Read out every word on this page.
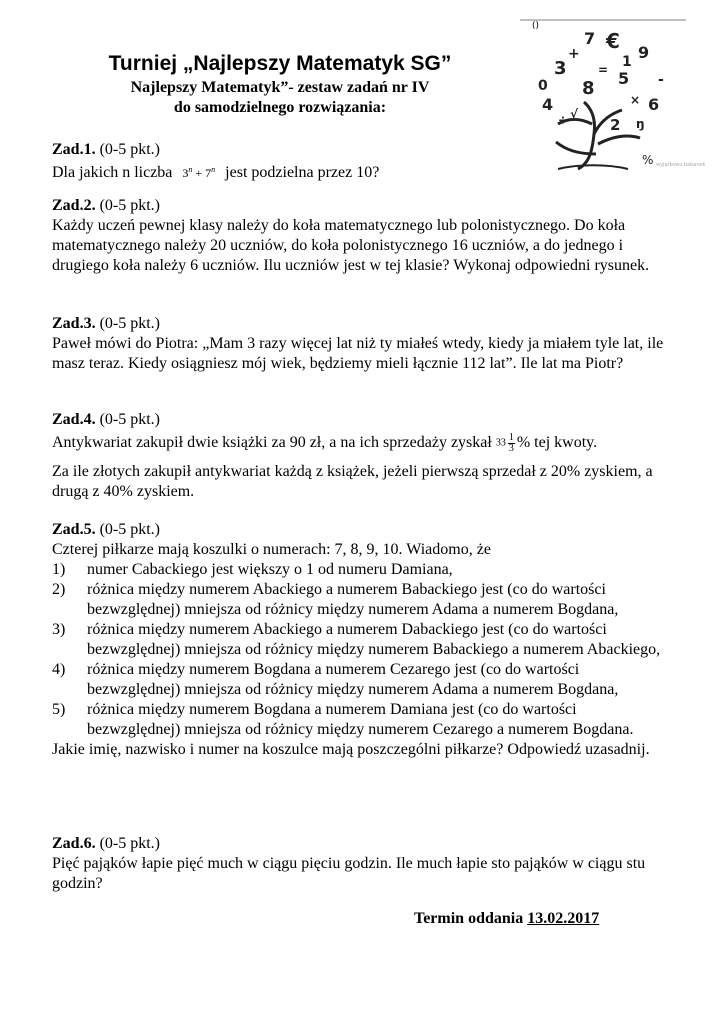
Turniej „Najlepszy Matematyk SG”
Najlepszy Matematyk”- zestaw zadań nr IV
do samodzielnego rozwiązania:
()
€
7
3
9
8 5
2
6
4
+
-
÷
×
= 1
0
ŋ
√
% wyjątkowo.babanek

Zad.1. (0-5 pkt.)

Dla jakich n liczba $3^n + 7^n$ jest podzielna przez 10?

Zad.2. (0-5 pkt.)

Każdy uczeń pewnej klasy należy do koła matematycznego lub polonistycznego. Do koła matematycznego należy 20 uczniów, do koła polonistycznego 16 uczniów, a do jednego i drugiego koła należy 6 uczniów. Ilu uczniów jest w tej klasie? Wykonaj odpowiedni rysunek.

Zad.3. (0-5 pkt.)

Paweł mówi do Piotra: „Mam 3 razy więcej lat niż ty miałeś wtedy, kiedy ja miałem tyle lat, ile masz teraz. Kiedy osiągniesz mój wiek, będziemy mieli łącznie 112 lat”. Ile lat ma Piotr?

Zad.4. (0-5 pkt.)

Antykwariat zakupił dwie książki za 90 zł, a na ich sprzedaży zyskał $33 \frac{1}{3}$ % tej kwoty.

Za ile złotych zakupił antykwariat każdą z książek, jeżeli pierwszą sprzedał z 20% zyskiem, a drugą z 40% zyskiem.

Zad.5. (0-5 pkt.)

Czterej piłkarze mają koszulki o numerach: 7, 8, 9, 10. Wiadomo, że

1)	numer Cabackiego jest większy o 1 od numeru Damiana,
2)	różnica między numerem Abackiego a numerem Babackiego jest (co do wartości bezwzględnej) mniejsza od różnicy między numerem Adama a numerem Bogdana,
3)	różnica między numerem Abackiego a numerem Dabackiego jest (co do wartości bezwzględnej) mniejsza od różnicy między numerem Babackiego a numerem Abackiego,
4)	różnica między numerem Bogdana a numerem Cezarego jest (co do wartości bezwzględnej) mniejsza od różnicy między numerem Adama a numerem Bogdana,
5)	różnica między numerem Bogdana a numerem Damiana jest (co do wartości bezwzględnej) mniejsza od różnicy między numerem Cezarego a numerem Bogdana.

Jakie imię, nazwisko i numer na koszulce mają poszczególni piłkarze? Odpowiedź uzasadnij.

Zad.6. (0-5 pkt.)

Pięć pająków łapie pięć much w ciągu pięciu godzin. Ile much łapie sto pająków w ciągu stu godzin?

Termin oddania 13.02.2017
